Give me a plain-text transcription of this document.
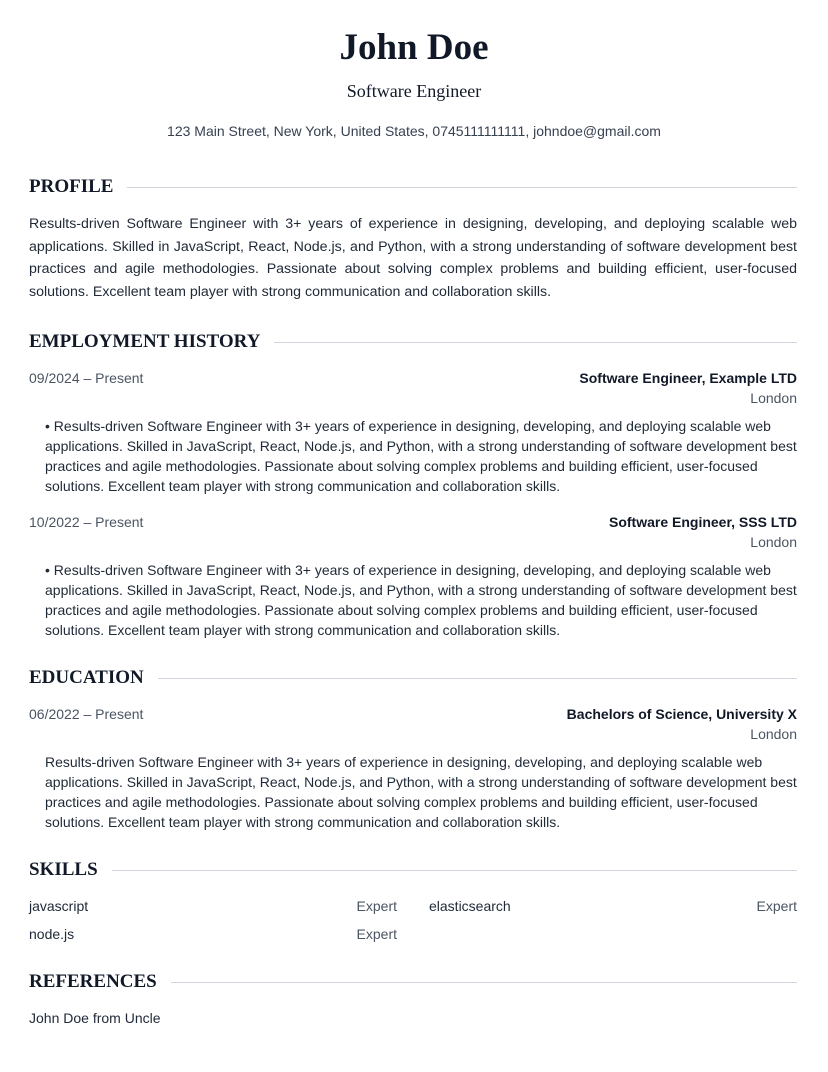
John Doe

Software Engineer

123 Main Street, New York, United States, 0745111111111, johndoe@gmail.com

PROFILE

Results-driven Software Engineer with 3+ years of experience in designing, developing, and deploying scalable web applications. Skilled in JavaScript, React, Node.js, and Python, with a strong understanding of software development best practices and agile methodologies. Passionate about solving complex problems and building efficient, user-focused solutions. Excellent team player with strong communication and collaboration skills.

EMPLOYMENT HISTORY
09/2024 – Present	Software Engineer, Example LTD
London

• Results-driven Software Engineer with 3+ years of experience in designing, developing, and deploying scalable web applications. Skilled in JavaScript, React, Node.js, and Python, with a strong understanding of software development best practices and agile methodologies. Passionate about solving complex problems and building efficient, user-focused solutions. Excellent team player with strong communication and collaboration skills.

10/2022 – Present	Software Engineer, SSS LTD
London

• Results-driven Software Engineer with 3+ years of experience in designing, developing, and deploying scalable web applications. Skilled in JavaScript, React, Node.js, and Python, with a strong understanding of software development best practices and agile methodologies. Passionate about solving complex problems and building efficient, user-focused solutions. Excellent team player with strong communication and collaboration skills.

EDUCATION
06/2022 – Present	Bachelors of Science, University X
London

Results-driven Software Engineer with 3+ years of experience in designing, developing, and deploying scalable web applications. Skilled in JavaScript, React, Node.js, and Python, with a strong understanding of software development best practices and agile methodologies. Passionate about solving complex problems and building efficient, user-focused solutions. Excellent team player with strong communication and collaboration skills.

SKILLS
javascript	Expert elasticsearch	Expert
node.js	Expert
REFERENCES
John Doe from Uncle
